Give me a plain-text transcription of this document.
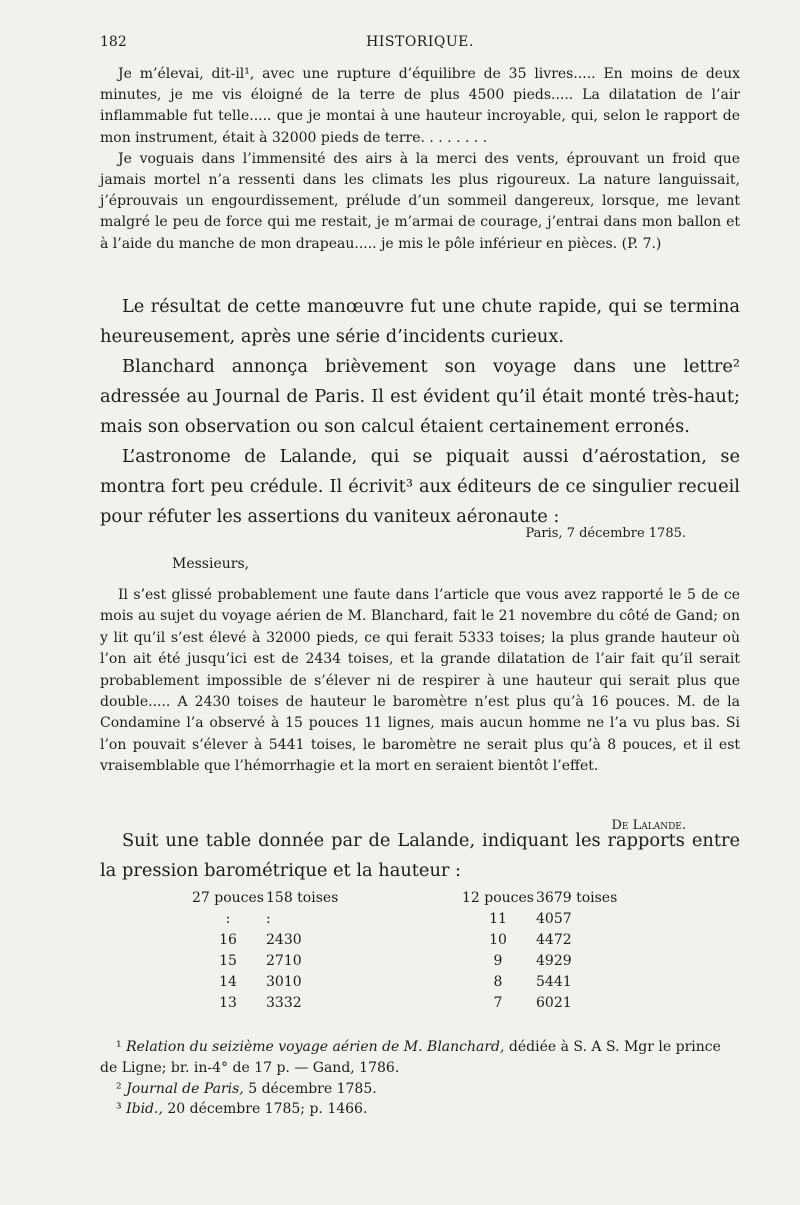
182	HISTORIQUE.

Je m’élevai, dit-il¹, avec une rupture d’équilibre de 35 livres..... En moins de deux minutes, je me vis éloigné de la terre de plus 4500 pieds..... La dilatation de l’air inflammable fut telle..... que je montai à une hauteur incroyable, qui, selon le rapport de mon instrument, était à 32000 pieds de terre. . . . . . . .

Je voguais dans l’immensité des airs à la merci des vents, éprouvant un froid que jamais mortel n’a ressenti dans les climats les plus rigoureux. La nature languissait, j’éprouvais un engourdissement, prélude d’un sommeil dangereux, lorsque, me levant malgré le peu de force qui me restait, je m’armai de courage, j’entrai dans mon ballon et à l’aide du manche de mon drapeau..... je mis le pôle inférieur en pièces. (P. 7.)

Le résultat de cette manœuvre fut une chute rapide, qui se termina heureusement, après une série d’incidents curieux.

Blanchard annonça brièvement son voyage dans une lettre² adressée au Journal de Paris. Il est évident qu’il était monté très-haut; mais son observation ou son calcul étaient certainement erronés.

L’astronome de Lalande, qui se piquait aussi d’aérostation, se montra fort peu crédule. Il écrivit³ aux éditeurs de ce singulier recueil pour réfuter les assertions du vaniteux aéronaute :

Paris, 7 décembre 1785.
Messieurs,

Il s’est glissé probablement une faute dans l’article que vous avez rapporté le 5 de ce mois au sujet du voyage aérien de M. Blanchard, fait le 21 novembre du côté de Gand; on y lit qu’il s’est élevé à 32000 pieds, ce qui ferait 5333 toises; la plus grande hauteur où l’on ait été jusqu’ici est de 2434 toises, et la grande dilatation de l’air fait qu’il serait probablement impossible de s’élever ni de respirer à une hauteur qui serait plus que double..... A 2430 toises de hauteur le baromètre n’est plus qu’à 16 pouces. M. de la Condamine l’a observé à 15 pouces 11 lignes, mais aucun homme ne l’a vu plus bas. Si l’on pouvait s’élever à 5441 toises, le baromètre ne serait plus qu’à 8 pouces, et il est vraisemblable que l’hémorrhagie et la mort en seraient bientôt l’effet.

De Lalande.

Suit une table donnée par de Lalande, indiquant les rapports entre la pression barométrique et la hauteur :

27 pouces 158 toises
:	:
16 2430
15 2710
14 3010
13 3332
12 pouces 3679 toises
11 4057
10 4472
9 4929
8 5441
7 6021

¹ Relation du seizième voyage aérien de M. Blanchard, dédiée à S. A S. Mgr le prince de Ligne; br. in-4° de 17 p. — Gand, 1786.

² Journal de Paris, 5 décembre 1785.

³ Ibid., 20 décembre 1785; p. 1466.
